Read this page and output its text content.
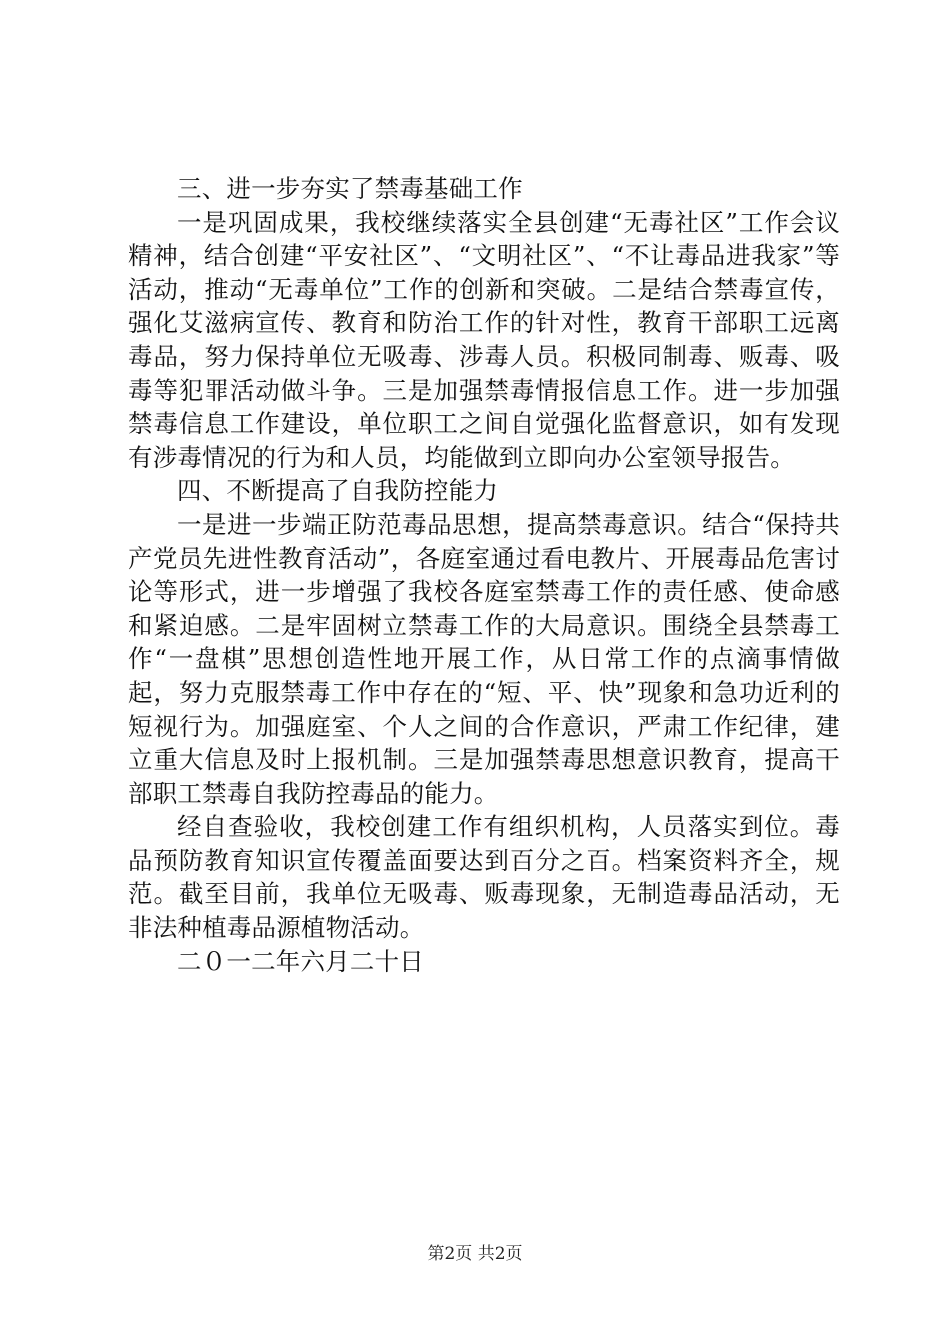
三、进一步夯实了禁毒基础工作

一是巩固成果，我校继续落实全县创建“无毒社区”工作会议精神，结合创建“平安社区”、“文明社区”、“不让毒品进我家”等活动，推动“无毒单位”工作的创新和突破。二是结合禁毒宣传，强化艾滋病宣传、教育和防治工作的针对性，教育干部职工远离毒品，努力保持单位无吸毒、涉毒人员。积极同制毒、贩毒、吸毒等犯罪活动做斗争。三是加强禁毒情报信息工作。进一步加强禁毒信息工作建设，单位职工之间自觉强化监督意识，如有发现有涉毒情况的行为和人员，均能做到立即向办公室领导报告。

四、不断提高了自我防控能力

一是进一步端正防范毒品思想，提高禁毒意识。结合“保持共产党员先进性教育活动”，各庭室通过看电教片、开展毒品危害讨论等形式，进一步增强了我校各庭室禁毒工作的责任感、使命感和紧迫感。二是牢固树立禁毒工作的大局意识。围绕全县禁毒工作“一盘棋”思想创造性地开展工作，从日常工作的点滴事情做起，努力克服禁毒工作中存在的“短、平、快”现象和急功近利的短视行为。加强庭室、个人之间的合作意识，严肃工作纪律，建立重大信息及时上报机制。三是加强禁毒思想意识教育，提高干部职工禁毒自我防控毒品的能力。

经自查验收，我校创建工作有组织机构，人员落实到位。毒品预防教育知识宣传覆盖面要达到百分之百。档案资料齐全，规范。截至目前，我单位无吸毒、贩毒现象，无制造毒品活动，无非法种植毒品源植物活动。

二０一二年六月二十日

第2页 共2页
